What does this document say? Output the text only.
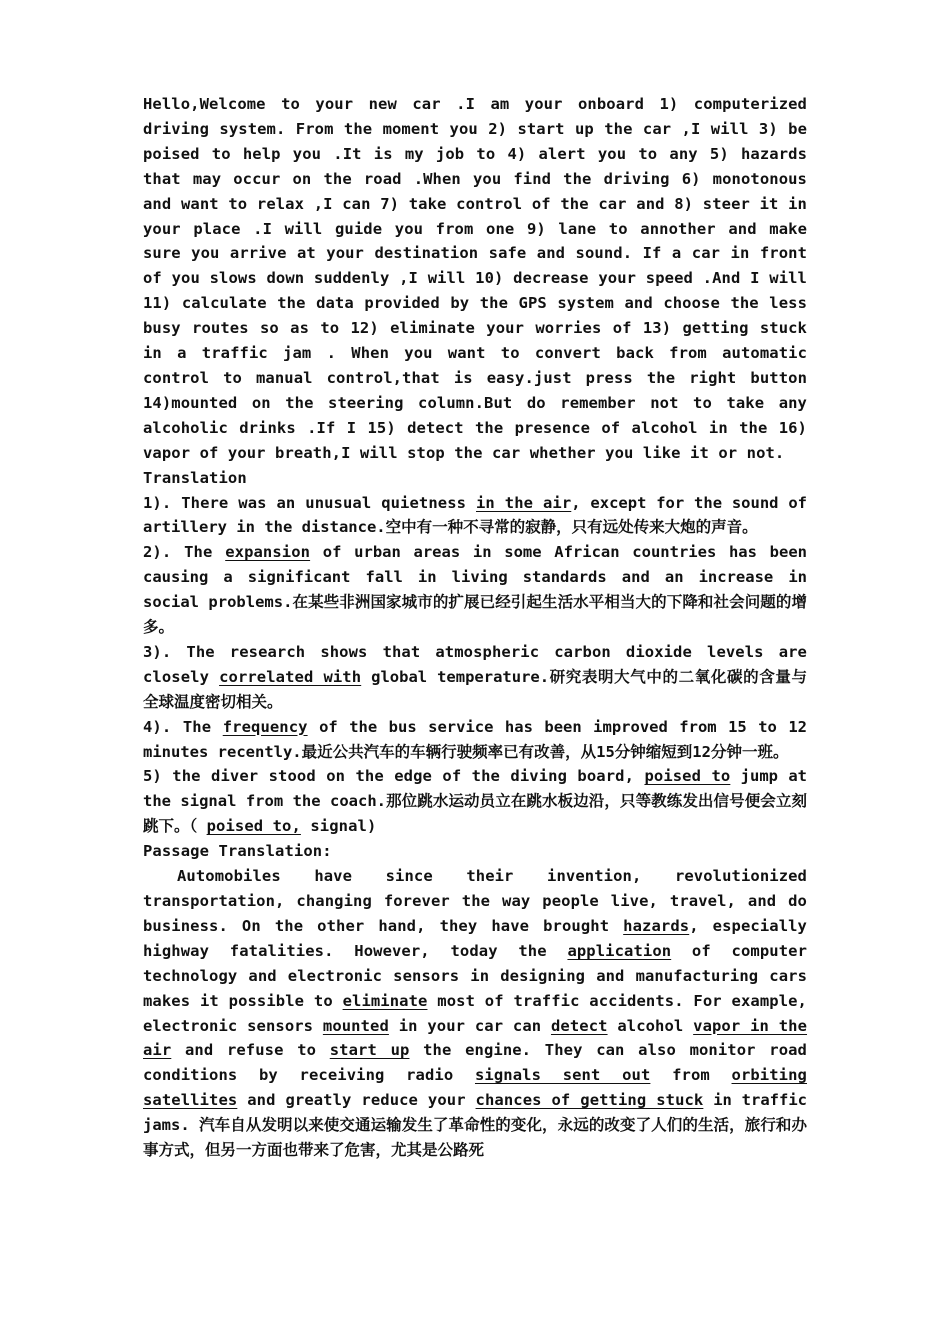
Hello,Welcome to your new car .I am your onboard 1) computerized driving system. From the moment you 2) start up the car ,I will 3) be poised to help you .It is my job to 4) alert you to any 5) hazards that may occur on the road .When you find the driving 6) monotonous and want to relax ,I can 7) take control of the car and 8) steer it in your place .I will guide you from one 9) lane to annother and make sure you arrive at your destination safe and sound. If a car in front of you slows down suddenly ,I will 10) decrease your speed .And I will 11) calculate the data provided by the GPS system and choose the less busy routes so as to 12) eliminate your worries of 13) getting stuck in a traffic jam . When you want to convert back from automatic control to manual control,that is easy.just press the right button 14)mounted on the steering column.But do remember not to take any alcoholic drinks .If I 15) detect the presence of alcohol in the 16) vapor of your breath,I will stop the car whether you like it or not.

Translation

1). There was an unusual quietness in the air, except for the sound of artillery in the distance.空中有一种不寻常的寂静，只有远处传来大炮的声音。

2). The expansion of urban areas in some African countries has been causing a significant fall in living standards and an increase in social problems.在某些非洲国家城市的扩展已经引起生活水平相当大的下降和社会问题的增多。

3). The research shows that atmospheric carbon dioxide levels are closely correlated with global temperature.研究表明大气中的二氧化碳的含量与全球温度密切相关。

4). The frequency of the bus service has been improved from 15 to 12 minutes recently.最近公共汽车的车辆行驶频率已有改善，从15分钟缩短到12分钟一班。

5) the diver stood on the edge of the diving board, poised to jump at the signal from the coach.那位跳水运动员立在跳水板边沿，只等教练发出信号便会立刻跳下。（ poised to, signal)

Passage Translation:

Automobiles have since their invention, revolutionized transportation, changing forever the way people live, travel, and do business. On the other hand, they have brought hazards, especially highway fatalities. However, today the application of computer technology and electronic sensors in designing and manufacturing cars makes it possible to eliminate most of traffic accidents. For example, electronic sensors mounted in your car can detect alcohol vapor in the air and refuse to start up the engine. They can also monitor road conditions by receiving radio signals sent out from orbiting satellites and greatly reduce your chances of getting stuck in traffic jams. 汽车自从发明以来使交通运输发生了革命性的变化，永远的改变了人们的生活，旅行和办事方式，但另一方面也带来了危害，尤其是公路死
